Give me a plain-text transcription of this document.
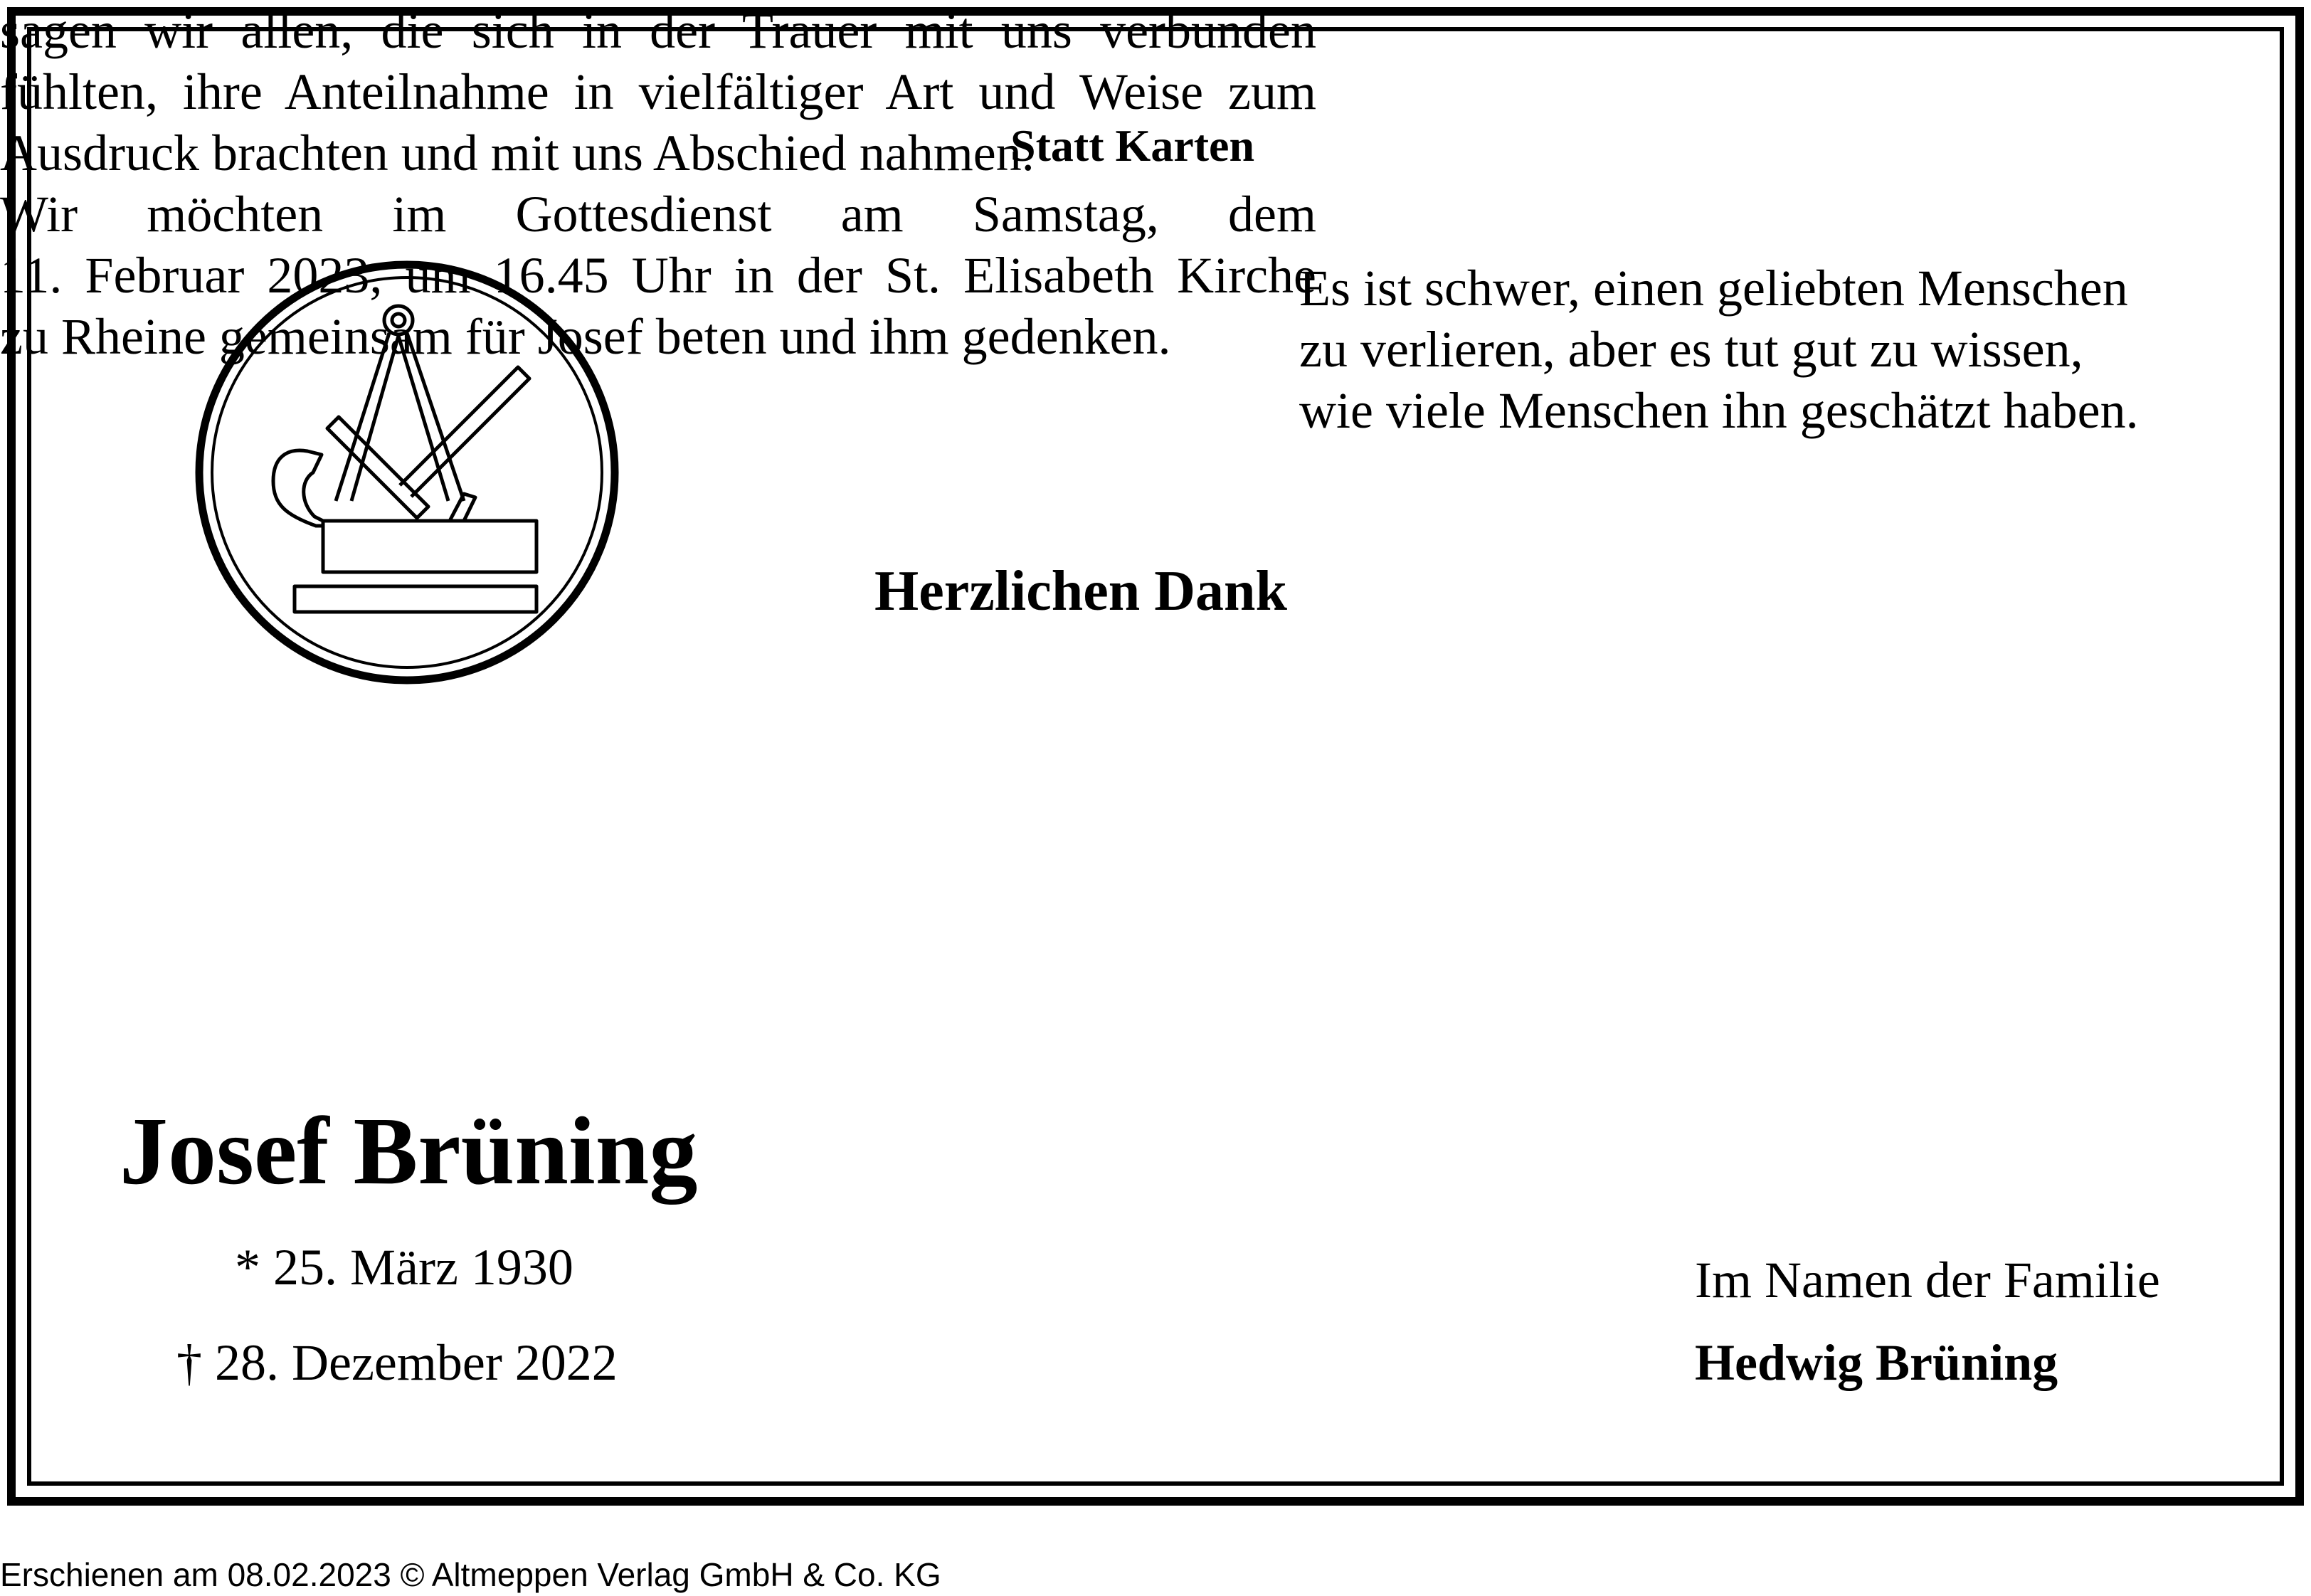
Statt Karten
Es ist schwer, einen geliebten Menschen
zu verlieren, aber es tut gut zu wissen,
wie viele Menschen ihn geschätzt haben.
Herzlichen Dank
sagen wir allen, die sich in der Trauer mit uns verbunden
fühlten, ihre Anteilnahme in vielfältiger Art und Weise zum
Ausdruck brachten und mit uns Abschied nahmen.
Wir möchten im Gottesdienst am Samstag, dem
11. Februar 2023, um 16.45 Uhr in der St. Elisabeth Kirche
zu Rheine gemeinsam für Josef beten und ihm gedenken.
Josef Brüning
* 25. März 1930
† 28. Dezember 2022
Im Namen der Familie
Hedwig Brüning
Erschienen am 08.02.2023 © Altmeppen Verlag GmbH & Co. KG
